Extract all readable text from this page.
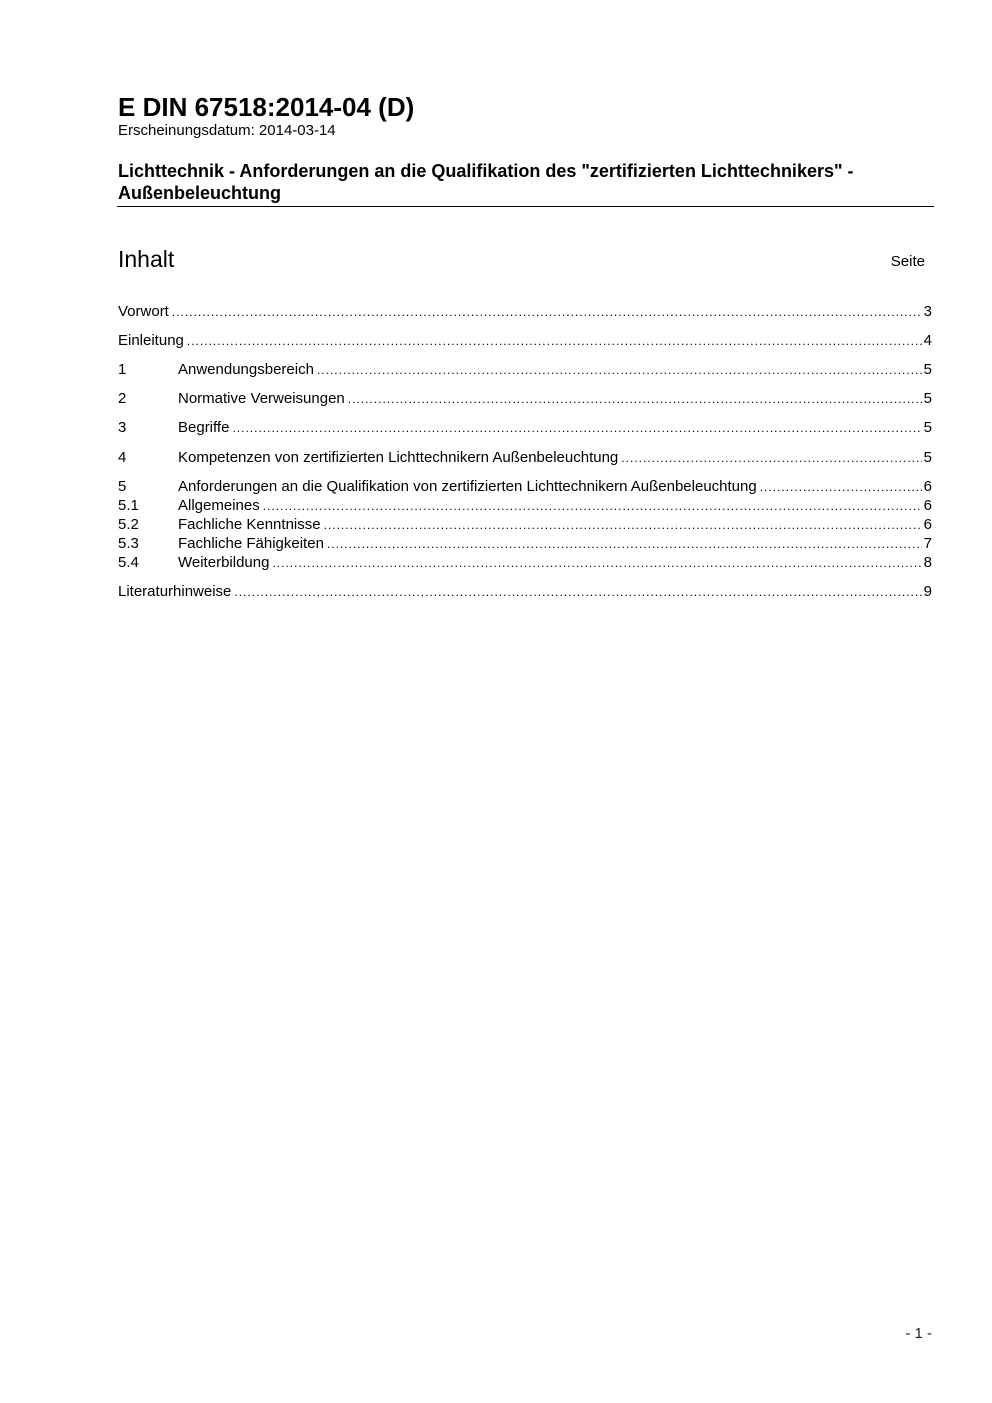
E DIN 67518:2014-04 (D)
Erscheinungsdatum: 2014-03-14
Lichttechnik - Anforderungen an die Qualifikation des "zertifizierten Lichttechnikers" - Außenbeleuchtung
Inhalt	Seite
Vorwort .....	3
Einleitung .....	4
1	Anwendungsbereich .....	5
2	Normative Verweisungen .....	5
3	Begriffe .....	5
4	Kompetenzen von zertifizierten Lichttechnikern Außenbeleuchtung .....	5
5	Anforderungen an die Qualifikation von zertifizierten Lichttechnikern Außenbeleuchtung .....	6
5.1	Allgemeines .....	6
5.2	Fachliche Kenntnisse .....	6
5.3	Fachliche Fähigkeiten .....	7
5.4	Weiterbildung .....	8
Literaturhinweise .....	9
- 1 -
